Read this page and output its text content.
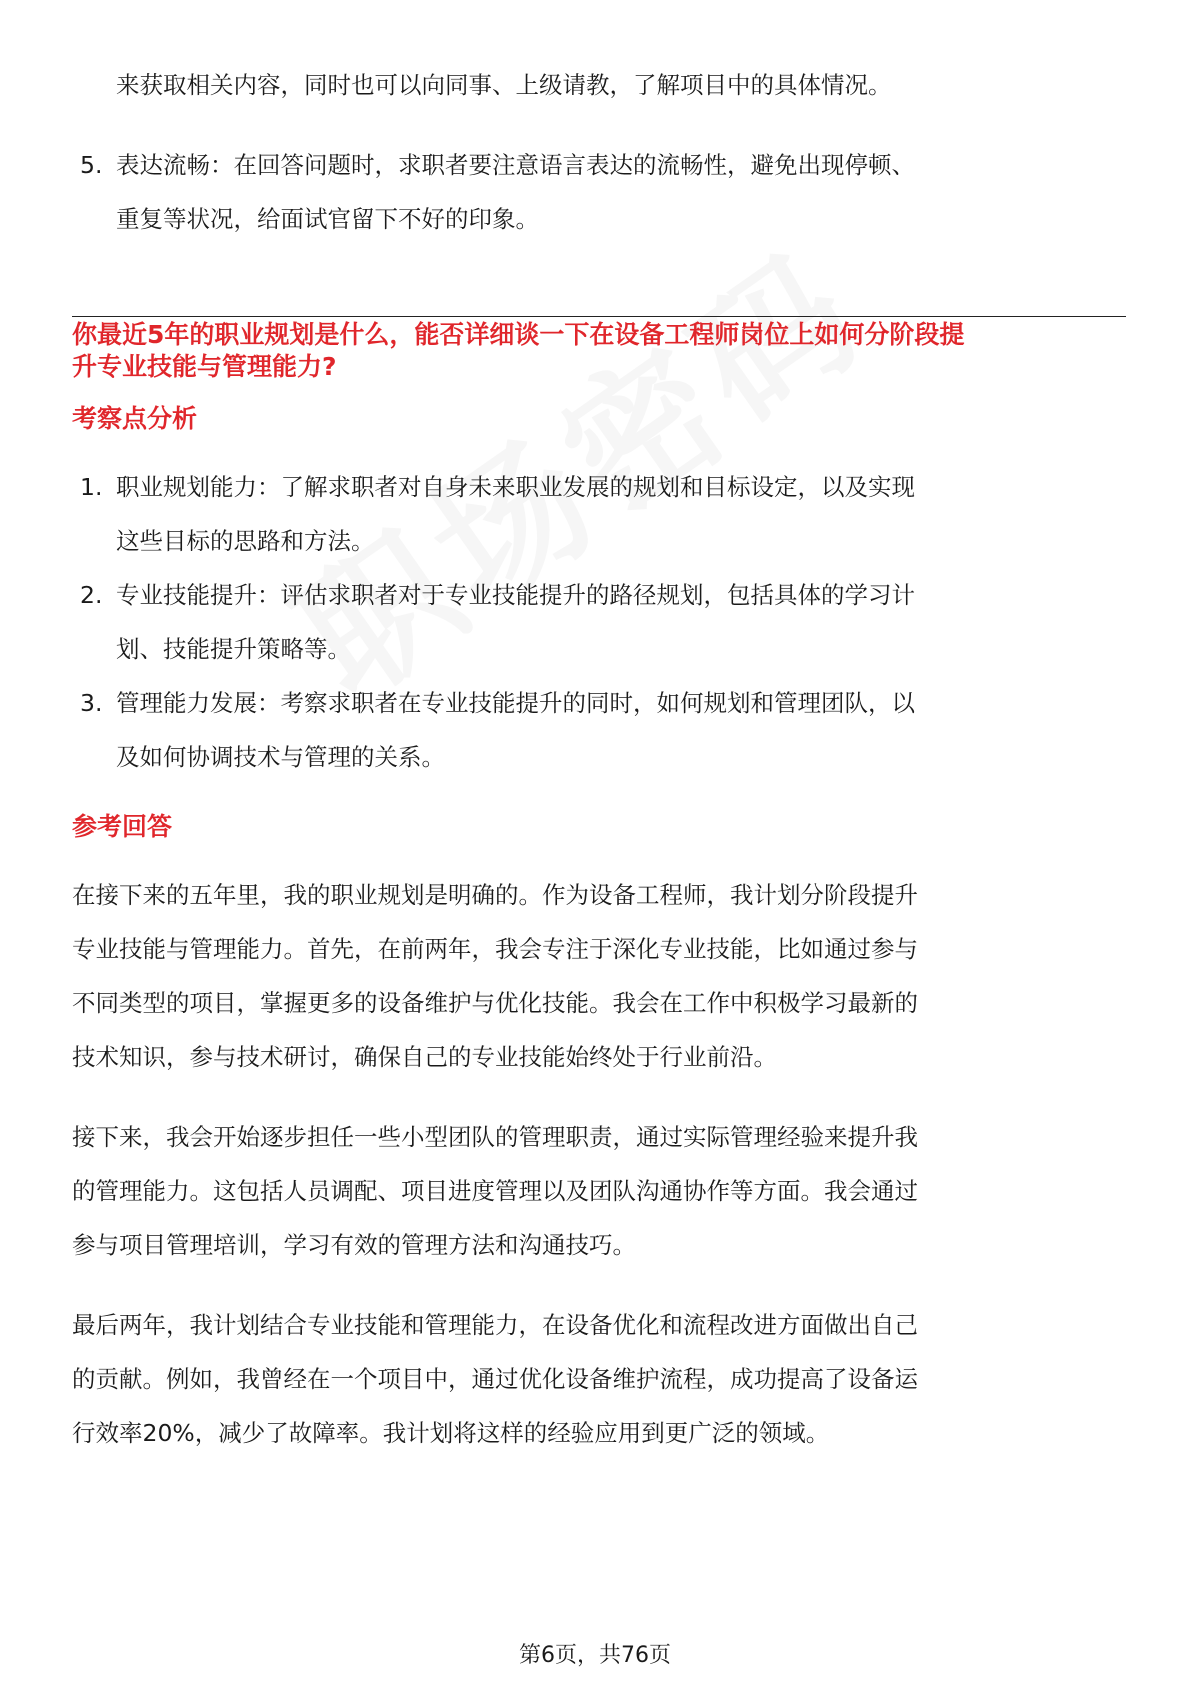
来获取相关内容，同时也可以向同事、上级请教，了解项目中的具体情况。
5. 表达流畅：在回答问题时，求职者要注意语言表达的流畅性，避免出现停顿、
重复等状况，给面试官留下不好的印象。
你最近5年的职业规划是什么，能否详细谈一下在设备工程师岗位上如何分阶段提
升专业技能与管理能力?
考察点分析
1. 职业规划能力：了解求职者对自身未来职业发展的规划和目标设定，以及实现
这些目标的思路和方法。
2. 专业技能提升：评估求职者对于专业技能提升的路径规划，包括具体的学习计
划、技能提升策略等。
3. 管理能力发展：考察求职者在专业技能提升的同时，如何规划和管理团队，以
及如何协调技术与管理的关系。
参考回答
在接下来的五年里，我的职业规划是明确的。作为设备工程师，我计划分阶段提升
专业技能与管理能力。首先，在前两年，我会专注于深化专业技能，比如通过参与
不同类型的项目，掌握更多的设备维护与优化技能。我会在工作中积极学习最新的
技术知识，参与技术研讨，确保自己的专业技能始终处于行业前沿。
接下来，我会开始逐步担任一些小型团队的管理职责，通过实际管理经验来提升我
的管理能力。这包括人员调配、项目进度管理以及团队沟通协作等方面。我会通过
参与项目管理培训，学习有效的管理方法和沟通技巧。
最后两年，我计划结合专业技能和管理能力，在设备优化和流程改进方面做出自己
的贡献。例如，我曾经在一个项目中，通过优化设备维护流程，成功提高了设备运
行效率20%，减少了故障率。我计划将这样的经验应用到更广泛的领域。
第6页，共76页
